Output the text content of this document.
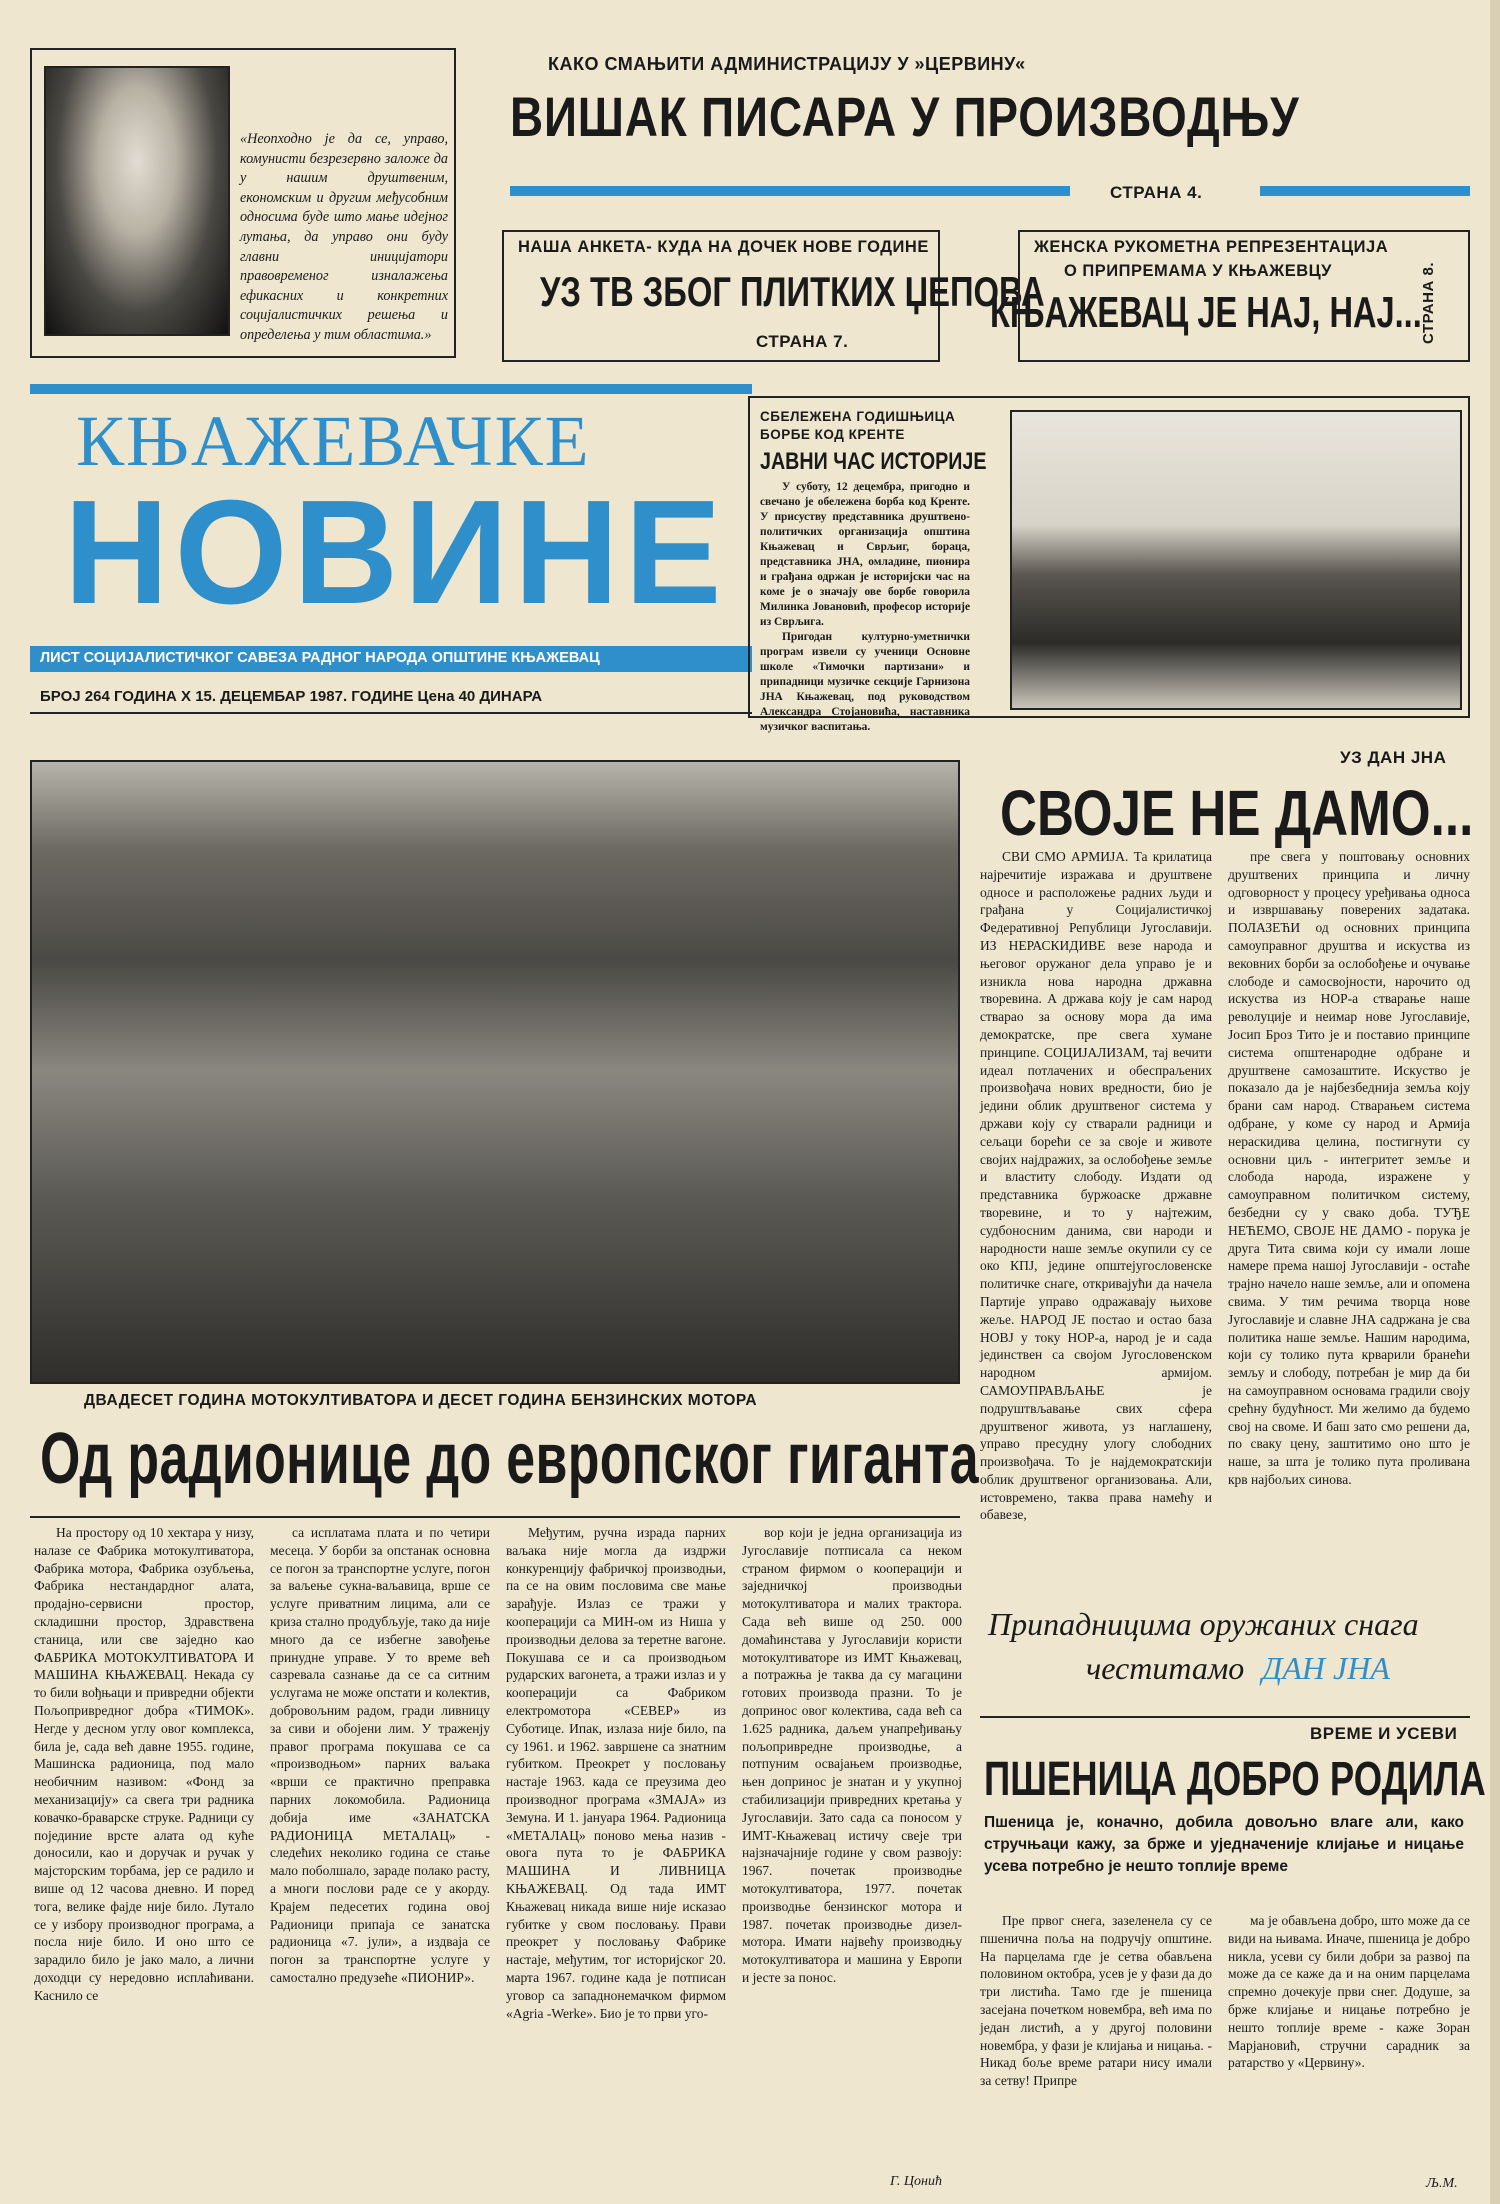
«Неопходно је да се, управо, комунисти безрезервно заложе да у нашим друштвеним, економским и другим међусобним односима буде што мање идејног лутања, да управо они буду главни иницијатори правовременог изналажења ефикасних и конкретних социјалистичких решења и определења у тим областима.»
КАКО СМАЊИТИ АДМИНИСТРАЦИЈУ У »ЦЕРВИНУ«
ВИШАК ПИСАРА У ПРОИЗВОДЊУ
СТРАНА 4.
НАША АНКЕТА- КУДА НА ДОЧЕК НОВЕ ГОДИНЕ
УЗ ТВ ЗБОГ ПЛИТКИХ ЏЕПОВА
СТРАНА 7.
ЖЕНСКА РУКОМЕТНА РЕПРЕЗЕНТАЦИЈА
О ПРИПРЕМАМА У КЊАЖЕВЦУ
КЊАЖЕВАЦ ЈЕ НАЈ, НАЈ...
СТРАНА 8.
КЊАЖЕВАЧКЕ
НОВИНЕ
ЛИСТ СОЦИЈАЛИСТИЧКОГ САВЕЗА РАДНОГ НАРОДА ОПШТИНЕ КЊАЖЕВАЦ
БРОЈ 264 ГОДИНА Х 15. ДЕЦЕМБАР 1987. ГОДИНЕ Цена 40 ДИНАРА
СБЕЛЕЖЕНА ГОДИШЊИЦА БОРБЕ КОД КРЕНТЕ
ЈАВНИ ЧАС ИСТОРИЈЕ

У суботу, 12 децембра, пригодно и свечано је обележена борба код Кренте. У присуству представника друштвено-политичких организација општина Књажевац и Сврљиг, бораца, представника ЈНА, омладине, пионира и грађана одржан је историјски час на коме је о значају ове борбе говорила Милинка Јовановић, професор историје из Сврљига.

Пригодан културно-уметнички програм извели су ученици Основне школе «Тимочки партизани» и припадници музичке секције Гарнизона ЈНА Књажевац, под руководством Александра Стојановића, наставника музичког васпитања.

ДВАДЕСЕТ ГОДИНА МОТОКУЛТИВАТОРА И ДЕСЕТ ГОДИНА БЕНЗИНСКИХ МОТОРА
Од радионице до европског гиганта

На простору од 10 хектара у низу, налазе се Фабрика мотокултиватора, Фабрика мотора, Фабрика озубљења, Фабрика нестандардног алата, продајно-сервисни простор, складишни простор, Здравствена станица, или све заједно као ФАБРИКА МОТОКУЛТИВАТОРА И МАШИНА КЊАЖЕВАЦ. Некада су то били вођњаци и привредни објекти Пољопривредног добра «ТИМОК». Негде у десном углу овог комплекса, била је, сада већ давне 1955. године, Машинска радионица, под мало необичним називом: «Фонд за механизацију» са свега три радника ковачко-браварске струке. Радници су појединие врсте алата од куће доносили, као и доручак и ручак у мајсторским торбама, јер се радило и више од 12 часова дневно. И поред тога, велике фајде није било. Лутало се у избору производног програма, а посла није било. И оно што се зарадило било је јако мало, а лични доходци су нередовно исплаћивани. Каснило се

са исплатама плата и по четири месеца. У борби за опстанак основна се погон за транспортне услуге, погон за ваљење сукна-ваљавица, врше се услуге приватним лицима, али се криза стално продубљује, тако да није много да се избегне завођење принудне управе. У то време већ сазревала сазнање да се са ситним услугама не може опстати и колектив, добровољним радом, гради ливницу за сиви и обојени лим. У траженју правог програма покушава се са «производњом» парних ваљака «врши се практично преправка парних локомобила. Радионица добија име «ЗАНАТСКА РАДИОНИЦА МЕТАЛАЦ» - следећих неколико година се стање мало поболшало, зараде полако расту, а многи послови раде се у акорду. Крајем педесетих година овој Радионици припаја се занатска радионица «7. јули», а издваја се погон за транспортне услуге у самостално предузеће «ПИОНИР».

Међутим, ручна израда парних ваљака није могла да издржи конкуренцију фабричкој производњи, па се на овим пословима све мање зарађује. Излаз се тражи у кооперацији са МИН-ом из Ниша у производњи делова за теретне вагоне. Покушава се и са производњом рударских вагонета, а тражи излаз и у кооперацији са Фабриком електромотора «СЕВЕР» из Суботице. Ипак, излаза није било, па су 1961. и 1962. завршене са знатним губитком. Преокрет у пословању настаје 1963. када се преузима део производног програма «ЗМАЈА» из Земуна. И 1. јануара 1964. Радионица «МЕТАЛАЦ» поново мења назив - овога пута то је ФАБРИКА МАШИНА И ЛИВНИЦА КЊАЖЕВАЦ. Од тада ИМТ Књажевац никада више није исказао губитке у свом пословању. Прави преокрет у пословању Фабрике настаје, међутим, тог историјског 20. марта 1967. године када је потписан уговор са западнонемачком фирмом «Agria -Werke». Био је то први уго-

вор који је једна организација из Југославије потписала са неком страном фирмом о кооперацији и заједничкој производњи мотокултиватора и малих трактора. Сада већ више од 250. 000 домаћинстава у Југославији користи мотокултиваторе из ИМТ Књажевац, а потражња је таква да су магацини готових производа празни. То је допринос овог колектива, сада већ са 1.625 радника, даљем унапређивању пољопривредне производње, а потпуним осваjањем производње, њен допринос је знатан и у укупној стабилизацији привредних кретања у Југославији. Зато сада са поносом у ИМТ-Књажевац истичу свеје три најзначајније године у свом развоју: 1967. почетак производње мотокултиватора, 1977. почетак производње бензинског мотора и 1987. почетак производње дизел-мотора. Имати највећу производњу мотокултиватора и машина у Европи и јесте за понос.

Г. Цонић
УЗ ДАН ЈНА
СВОЈЕ НЕ ДАМО...

СВИ СМО АРМИЈА. Та крилатица најречитије изражава и друштвене односе и расположење радних људи и грађана у Социјалистичкој Федеративној Републици Југославији. ИЗ НЕРАСКИДИВЕ везе народа и његовог оружаног дела управо је и изникла нова народна државна творевина. А држава коју је сам народ стварао за основу мора да има демократске, пре свега хумане принципе. СОЦИЈАЛИЗАМ, тај вечити идеал потлачених и обеспраљених произвођача нових вредности, био је једини облик друштвеног система у држави коју су стварали радници и сељаци борећи се за своје и животе својих најдражих, за ослобођење земље и властиту слободу. Издати од представника буржоаске државне творевине, и то у најтежим, судбоносним данима, сви народи и народности наше земље окупили су се око КПЈ, једине општејугословенске политичке снаге, откривајући да начела Партије управо одражавају њихове жеље. НАРОД ЈЕ постао и остао база НОВЈ у току НОР-а, народ је и сада јединствен са својом Југословенском народном армијом. САМОУПРАВЉАЊЕ је подруштвљавање свих сфера друштвеног живота, уз наглашену, управо пресудну улогу слободних произвођача. То је најдемократскији облик друштвеног организовања. Али, истовремено, таква права намећу и обавезе,

пре свега у поштовању основних друштвених принципа и личну одговорност у процесу уређивања односа и извршавању поверених задатака. ПОЛАЗЕЋИ од основних принципа самоуправног друштва и искуства из вековних борби за ослобођење и очување слободе и самосвојности, нарочито од искуства из НОР-а стварање наше револуције и неимар нове Југославије, Јосип Броз Тито је и поставио принципе система општенародне одбране и друштвене самозаштите. Искуство је показало да је најбезбеднија земља коју брани сам народ. Стварањем система одбране, у коме су народ и Армија нераскидива целина, постигнути су основни циљ - интегритет земље и слобода народа, изражене у самоуправном политичком систему, безбедни су у свако доба. ТУЂЕ НЕЋЕМО, СВОЈЕ НЕ ДАМО - порука је друга Тита свима који су имали лоше намере према нашој Југославији - остаће трајно начело наше земље, али и опомена свима. У тим речима творца нове Југославије и славне ЈНА садржана је сва политика наше земље. Нашим народима, који су толико пута крварили бранећи земљу и слободу, потребан је мир да би на самоуправном основама градили своју срећну будућност. Ми желимо да будемо свој на своме. И баш зато смо решени да, по сваку цену, заштитимо оно што је наше, за шта је толико пута проливана крв најбољих синова.

Припадницима оружаних снага
честитамо ДАН ЈНА
ВРЕМЕ И УСЕВИ
ПШЕНИЦА ДОБРО РОДИЛА
Пшеница је, коначно, добила довољно влаге али, како стручњаци кажу, за брже и уједначеније клијање и ницање усева потребно је нешто топлије време

Пре првог снега, зазеленела су се пшенична поља на подручју општине. На парцелама где је сетва обављена половином октобра, усев је у фази да до три листића. Тамо где је пшеница засејана почетком новембра, већ има по један листић, а у другој половини новембра, у фази је клијања и ницања. - Никад боље време ратари нису имали за сетву! Припре

ма је обављена добро, што може да се види на њивама. Иначе, пшеница је добро никла, усеви су били добри за развој па може да се каже да и на оним парцелама спремно дочекује први снег. Додуше, за брже клијање и ницање потребно је нешто топлије време - каже Зоран Марјановић, стручни сарадник за ратарство у «Цервину».

Љ.М.
